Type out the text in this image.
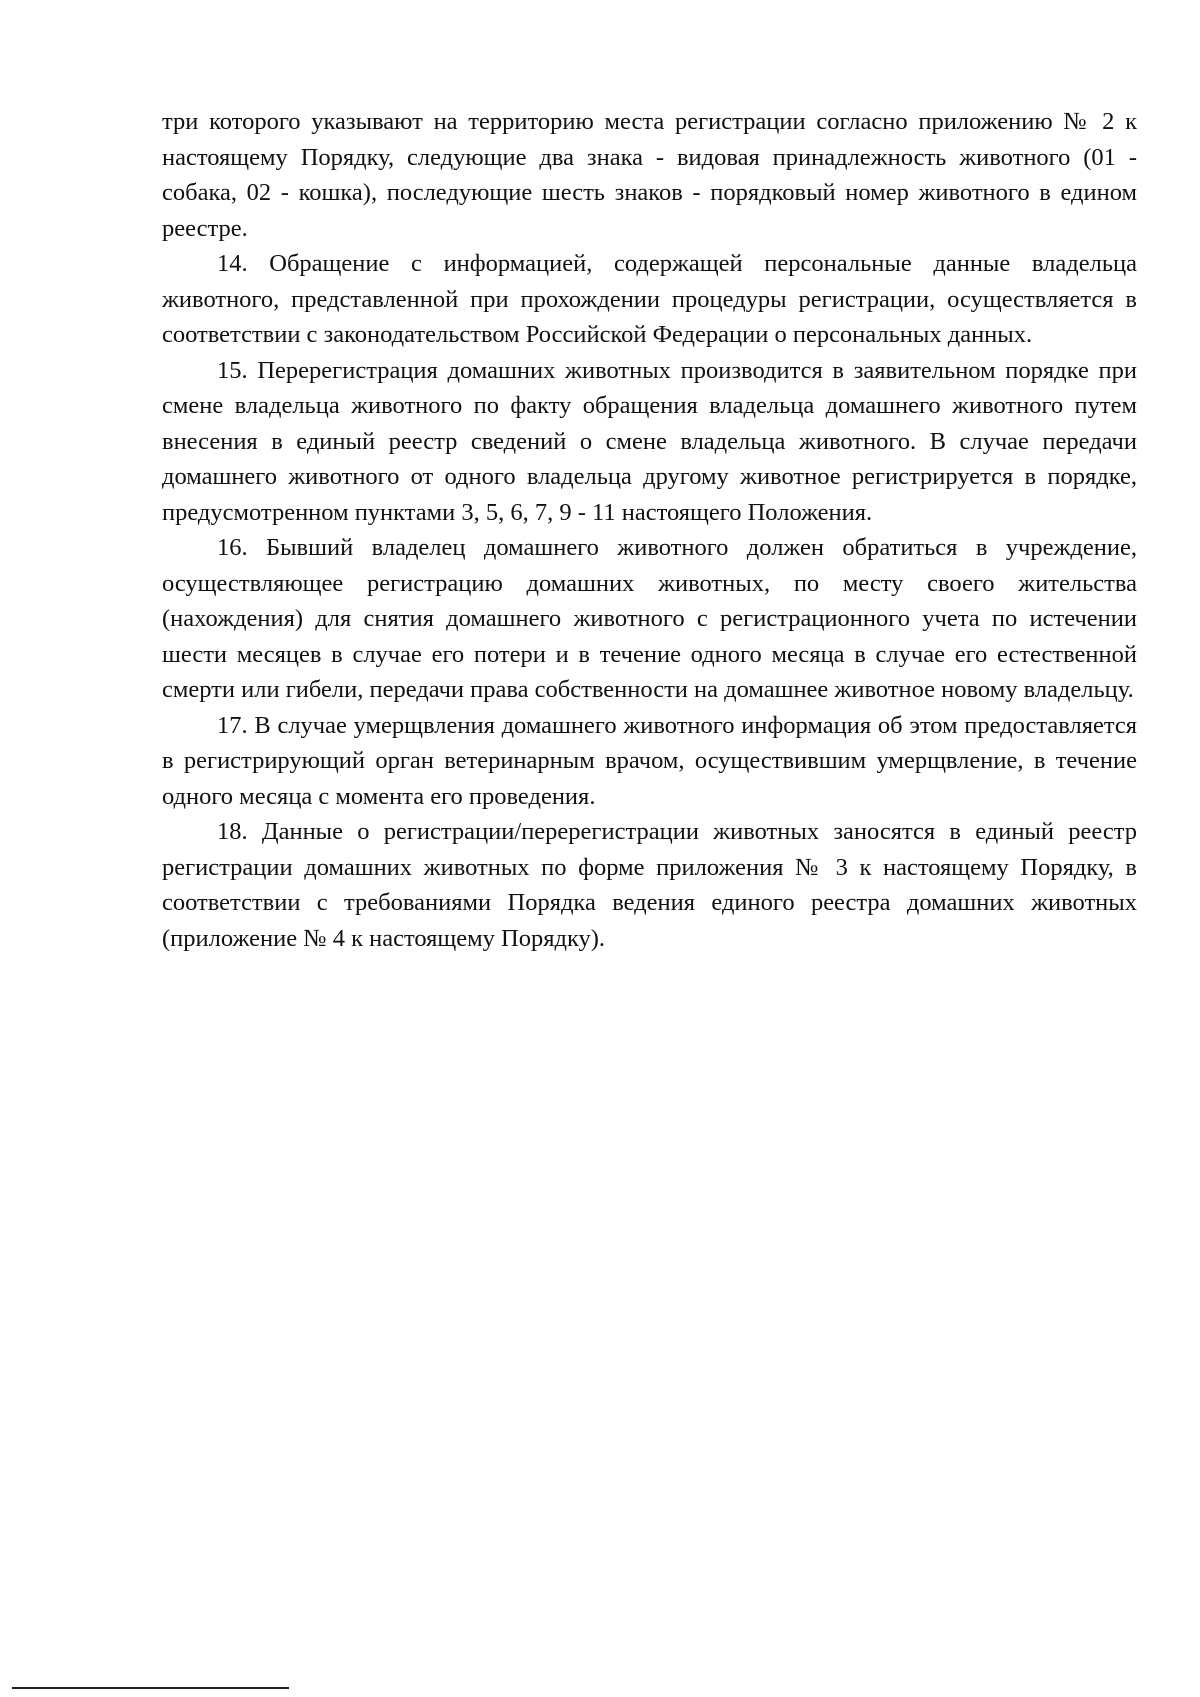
три которого указывают на территорию места регистрации согласно приложению № 2 к настоящему Порядку, следующие два знака - видовая принадлежность животного (01 - собака, 02 - кошка), последующие шесть знаков - порядковый номер животного в едином реестре.

14. Обращение с информацией, содержащей персональные данные владельца животного, представленной при прохождении процедуры регистрации, осуществляется в соответствии с законодательством Российской Федерации о персональных данных.

15. Перерегистрация домашних животных производится в заявительном порядке при смене владельца животного по факту обращения владельца домашнего животного путем внесения в единый реестр сведений о смене владельца животного. В случае передачи домашнего животного от одного владельца другому животное регистрируется в порядке, предусмотренном пунктами 3, 5, 6, 7, 9 - 11 настоящего Положения.

16. Бывший владелец домашнего животного должен обратиться в учреждение, осуществляющее регистрацию домашних животных, по месту своего жительства (нахождения) для снятия домашнего животного с регистрационного учета по истечении шести месяцев в случае его потери и в течение одного месяца в случае его естественной смерти или гибели, передачи права собственности на домашнее животное новому владельцу.

17. В случае умерщвления домашнего животного информация об этом предоставляется в регистрирующий орган ветеринарным врачом, осуществившим умерщвление, в течение одного месяца с момента его проведения.

18. Данные о регистрации/перерегистрации животных заносятся в единый реестр регистрации домашних животных по форме приложения № 3 к настоящему Порядку, в соответствии с требованиями Порядка ведения единого реестра домашних животных (приложение № 4 к настоящему Порядку).
